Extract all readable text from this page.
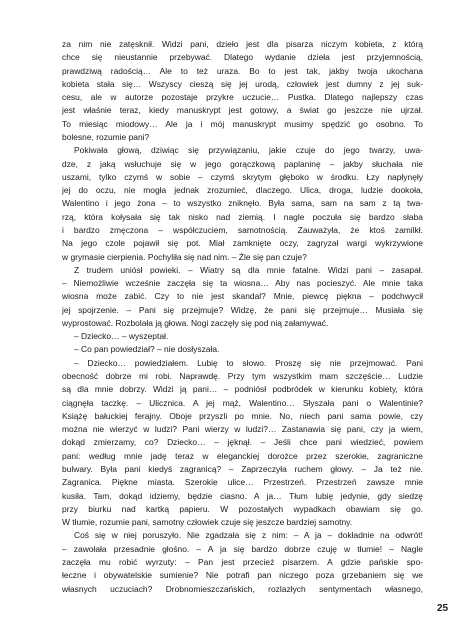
za nim nie zatęsknił. Widzi pani, dzieło jest dla pisarza niczym kobieta, z którą

chce się nieustannie przebywać. Dlatego wydanie dzieła jest przyjemnością,

prawdziwą radością… Ale to też uraza. Bo to jest tak, jakby twoja ukochana

kobieta stała się… Wszyscy cieszą się jej urodą, człowiek jest dumny z jej suk-

cesu, ale w autorze pozostaje przykre uczucie… Pustka. Dlatego najlepszy czas

jest właśnie teraz, kiedy manuskrypt jest gotowy, a świat go jeszcze nie ujrzał.

To miesiąc miodowy… Ale ja i mój manuskrypt musimy spędzić go osobno. To

bolesne, rozumie pani?

Pokiwała głową, dziwiąc się przywiązaniu, jakie czuje do jego twarzy, uwa-

dze, z jaką wsłuchuje się w jego gorączkową paplaninę – jakby słuchała nie

uszami, tylko czymś w sobie – czymś skrytym głęboko w środku. Łzy napłynęły

jej do oczu, nie mogła jednak zrozumieć, dlaczego. Ulica, droga, ludzie dookoła,

Walentino i jego żona – to wszystko zniknęło. Była sama, sam na sam z tą twa-

rzą, która kołysała się tak nisko nad ziemią. I nagle poczuła się bardzo słaba

i bardzo zmęczona – współczuciem, samotnością. Zauważyła, że ktoś zamilkł.

Na jego czole pojawił się pot. Miał zamknięte oczy, zagryzał wargi wykrzywione

w grymasie cierpienia. Pochyliła się nad nim. – Źle się pan czuje?

Z trudem uniósł powieki. – Wiatry są dla mnie fatalne. Widzi pani – zasapał.

– Niemożliwie wcześnie zaczęła się ta wiosna… Aby nas pocieszyć. Ale mnie taka

wiosna może zabić. Czy to nie jest skandal? Mnie, piewcę piękna – podchwycił

jej spojrzenie. – Pani się przejmuje? Widzę, że pani się przejmuje… Musiała się

wyprostować. Rozbolała ją głowa. Nogi zaczęły się pod nią załamywać.

– Dziecko… – wyszeptał.

– Co pan powiedział? – nie dosłyszała.

– Dziecko… powiedziałem. Lubię to słowo. Proszę się nie przejmować. Pani

obecność dobrze mi robi. Naprawdę. Przy tym wszystkim mam szczęście… Ludzie

są dla mnie dobrzy. Widzi ją pani… – podniósł podbródek w kierunku kobiety, która

ciągnęła taczkę. – Ulicznica. A jej mąż, Walentino… Słyszała pani o Walentinie?

Książę bałuckiej ferajny. Oboje przyszli po mnie. No, niech pani sama powie, czy

można nie wierzyć w ludzi? Pani wierzy w ludzi?… Zastanawia się pani, czy ja wiem,

dokąd zmierzamy, co? Dziecko… – jęknął. – Jeśli chce pani wiedzieć, powiem

pani: według mnie jadę teraz w eleganckiej dorożce przez szerokie, zagraniczne

bulwary. Była pani kiedyś zagranicą? – Zaprzeczyła ruchem głowy. – Ja też nie.

Zagranica. Piękne miasta. Szerokie ulice… Przestrzeń. Przestrzeń zawsze mnie

kusiła. Tam, dokąd idziemy, będzie ciasno. A ja… Tłum lubię jedynie, gdy siedzę

przy biurku nad kartką papieru. W pozostałych wypadkach obawiam się go.

W tłumie, rozumie pani, samotny człowiek czuje się jeszcze bardziej samotny.

Coś się w niej poruszyło. Nie zgadzała się z nim: – A ja – dokładnie na odwrót!

– zawołała przesadnie głośno. – A ja się bardzo dobrze czuję w tłumie! – Nagle

zaczęła mu robić wyrzuty: – Pan jest przecież pisarzem. A gdzie pańskie spo-

łeczne i obywatelskie sumienie? Nie potrafi pan niczego poza grzebaniem się we

własnych uczuciach? Drobnomieszczańskich, rozlazłych sentymentach własnego,

25
